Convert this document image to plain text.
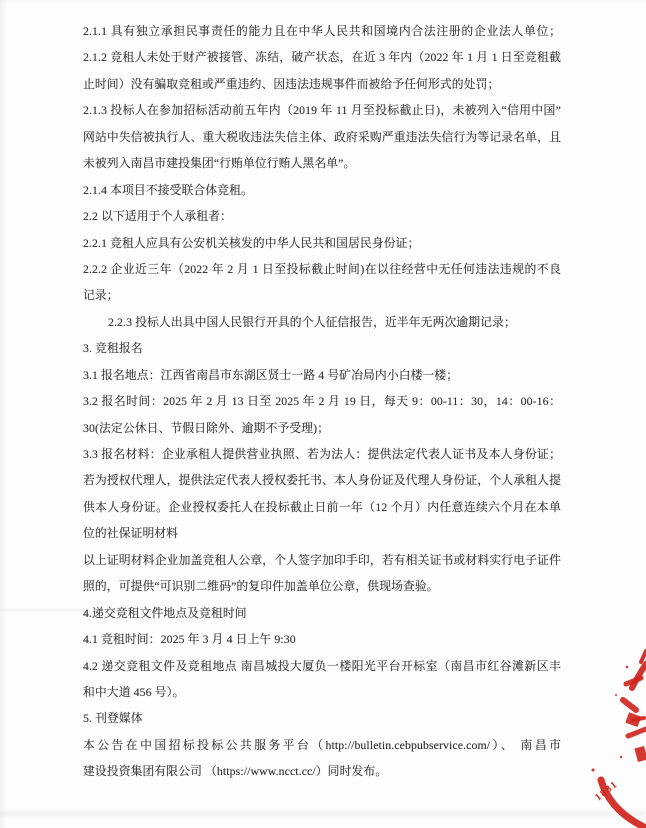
2.1.1 具有独立承担民事责任的能力且在中华人民共和国境内合法注册的企业法人单位；
2.1.2 竞租人未处于财产被接管、冻结，破产状态，在近 3 年内（2022 年 1 月 1 日至竞租截
止时间）没有骗取竞租或严重违约、因违法违规事件而被给予任何形式的处罚；
2.1.3 投标人在参加招标活动前五年内（2019 年 11 月至投标截止日)，未被列入“信用中国”
网站中失信被执行人、重大税收违法失信主体、政府采购严重违法失信行为等记录名单，且
未被列入南昌市建投集团“行贿单位行贿人黑名单”。
2.1.4 本项目不接受联合体竞租。
2.2 以下适用于个人承租者：
2.2.1 竞租人应具有公安机关核发的中华人民共和国居民身份证；
2.2.2 企业近三年（2022 年 2 月 1 日至投标截止时间)在以往经营中无任何违法违规的不良
记录；
2.2.3 投标人出具中国人民银行开具的个人征信报告，近半年无两次逾期记录；
3. 竞租报名
3.1 报名地点：江西省南昌市东湖区贤士一路 4 号矿冶局内小白楼一楼；
3.2 报名时间：2025 年 2 月 13 日至 2025 年 2 月 19 日，每天 9：00-11：30，14：00-16：
30(法定公休日、节假日除外、逾期不予受理)；
3.3 报名材料：企业承租人提供营业执照、若为法人：提供法定代表人证书及本人身份证；
若为授权代理人，提供法定代表人授权委托书、本人身份证及代理人身份证，个人承租人提
供本人身份证。企业授权委托人在投标截止日前一年（12 个月）内任意连续六个月在本单
位的社保证明材料
以上证明材料企业加盖竞租人公章，个人签字加印手印，若有相关证书或材料实行电子证件
照的，可提供“可识别二维码”的复印件加盖单位公章，供现场查验。
4.递交竞租文件地点及竞租时间
4.1 竞租时间：2025 年 3 月 4 日上午 9:30
4.2 递交竞租文件及竞租地点 南昌城投大厦负一楼阳光平台开标室（南昌市红谷滩新区丰
和中大道 456 号）。
5. 刊登媒体
本公告在中国招标投标公共服务平台（http://bulletin.cebpubservice.com/）、 南昌市
建设投资集团有限公司 （https://www.ncct.cc/）同时发布。
1881
